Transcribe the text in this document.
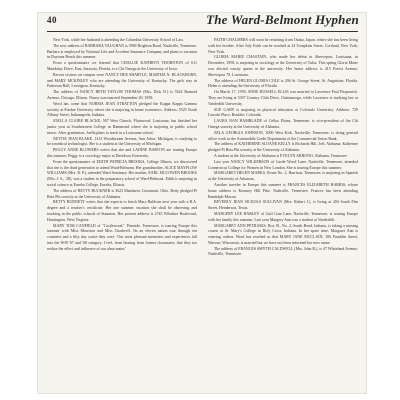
40	The Ward-Belmont Hyphen

New York, while her husband is attending the Columbia University School of Law.

The new address of BARBARA VAUGHAN is 3969 Brighton Road, Nashville, Tennessee. Barbara is employed by National Life and Accident Insurance Company and plans to vacation in Daytona Beach this summer.

From a questionnaire we learned that CHALLIE KATHRYN THORNTON of 611 Mandalay Drive, East, Sarasota, Florida, is a Chi Omega at the University of Iowa.

Recent visitors on campus were NANCY DEE SHARTLE, MARTHA N. BLACKBURN, and MARY MCKINLEY who are attending the University of Kentucky. The girls stay in Patterson Hall, Lexington, Kentucky.

The address of NANCY BETH TAYLOR THOMAS (Mrs. Dick D.) is 5324 Barnard Avenue, Chicago, Illinois. Nancy was married September 20, 1958.

Word has come that NORMA JEAN STRATTON pledged the Kappa Kappa Gamma sorority at Purdue University where she is majoring in home economics. Address: 5525 North Albany Street, Indianapolis, Indiana.

JOELLA CLAIRE BLACKE, 507 West Church, Plainwood, Louisiana, has finished her junior year at Southeastern College in Hammond where she is majoring in public school music. After graduation, Joella plans to teach in a Louisiana school.

NETTIE JEAN BLAKE, 1413 Woodstream Avenue, Ann Arbor, Michigan, is studying to be a medical technologist. She is a student at the University of Michigan.

PEGGY ANNE BLOWERS writes that she and LADINE BARTON are touring Europe this summer. Peggy is a sociology major at Davidson University.

From the questionnaire of EDITH PATRICIA BROOKS, College Illinois, we discovered that she is the third generation to attend Ward-Belmont. Her grandmother, ALICE MAYFLOW WILLIAMS (Mrs. R. P.), attended Ward Seminary. Her mother, EARL MCCOWEN BROOKS (Mrs. J. S., '28), was a student in the preparatory school of Ward-Belmont. Edith is majoring in social science at Eureka College, Eureka, Illinois.

The address of BETTY BUCKNER is 3623 Mandarin, Cincinnati, Ohio. Betty pledged Pi Beta Phi sorority at the University of Alabama.

BETTY BURNETT writes that she expects to finish Mary Baldwin next year with a B.A. degree and a teacher's certificate. Her one summer vacation she shall be observing and teaching in the public schools of Staunton. Her present address is 2745 Wiltshire Boulevard, Huntington, West Virginia.

MARY TOM CANFIELD of "Castlewood," Pineside, Tennessee, is touring Europe this summer with Miss Morrison and Miss Chadwell. On an eleven nation tour through ten countries and a fifty day cruise they were. 'Our most pleasant memories and experiences fall into the W-B '67 and '68 category. I feel, from hearing from former classmates, that they too realize the effect and influence of our alma mater.'

FAITH CHALMERS will soon be returning from Osaka, Japan, where she has been living with her brother. After July Faith can be reached at 24 Tompkins Street, Cortland, New York, New York.

GLORIA MARIE CHASTAIN, who made her debut in Shreveport, Louisiana, in December, 1958, is majoring in sociology at the University of Tulsa. This spring Gloria Marie was elected varsity queen at the university. Her home address is 415 Forest Avenue, Shreveport 78, Louisiana.

The address of HELEN GLORIA COLE is 206 St. George Street, St. Augustine, Florida. Helen is attending the University of Florida.

On March 17, 1959, ANNE RUSSELL ELLIS was married to Lawrence Paul Fitzpatrick. They are living at 5337 Country Club Drive, Chattanooga, while Lawrence is studying law at Vanderbilt University.

SUE GARY is majoring in physical education at Colorado University. Address: 729 Lincoln Place, Boulder, Colorado.

LAURA NAN HAMBLADE of Cellus Plains, Tennessee, is vice-president of the Chi Omega sorority at the University of Alabama.

ZELA GEORGIA JOHNSON, 3000 West Kirk, Nashville, Tennessee, is doing general office work in the Automobile Credit Department of the Commercial Union Bank.

The address of KATHERINE SLOANE KELLY is Richards Hill, Jeff, Alabama. Katherine pledged Pi Beta Phi sorority at the University of Alabama.

A student at the University of Alabama is EVELYN ARBONO, Alabama, Tennessee.

Last year NANCY WILKERSON of Castle Wood Lane, Nashville, Tennessee, attended Connecticut College for Women in New London. She is touring Europe this summer.

MARGARET HELEN MARKS, Route No. 2, Harrison, Tennessee, is majoring in Spanish at the University of Arkansas.

Another traveler in Europe this summer is FRANCES ELIZABETH HARRIS, whose home address is Kearney Hill Pike, Nashville, Tennessee. Frances has been attending Randolph-Macon.

BEVERLY JEAN SICKOLS SULLIVAN (Mrs. Robert J.), is living at 204 South Elm Street, Henderson, Texas.

MARGERY LEE HARLEY of Gulf Gate Lane, Nashville, Tennessee, is touring Europe with her family this summer. Last year Margery Ann was a student at Vanderbilt.

MARGARET ANN PETRAKIS, Box 91, No. 2, South Bend, Indiana, is taking a nursing course at St. Mary's College in Holy Cross, Indiana. In her spare time, Margaret Ann is entering rodeos. Word has reached us that MARY JANE MCCLAIN, 106 Franklin Street, Warsaw, Wisconsin, is married but we have not been informed her new name.

The address of FRANCES SMYTH CALDWELL (Mrs. John R.), is 47 Whiteland Avenue, Nashville, Tennessee.
